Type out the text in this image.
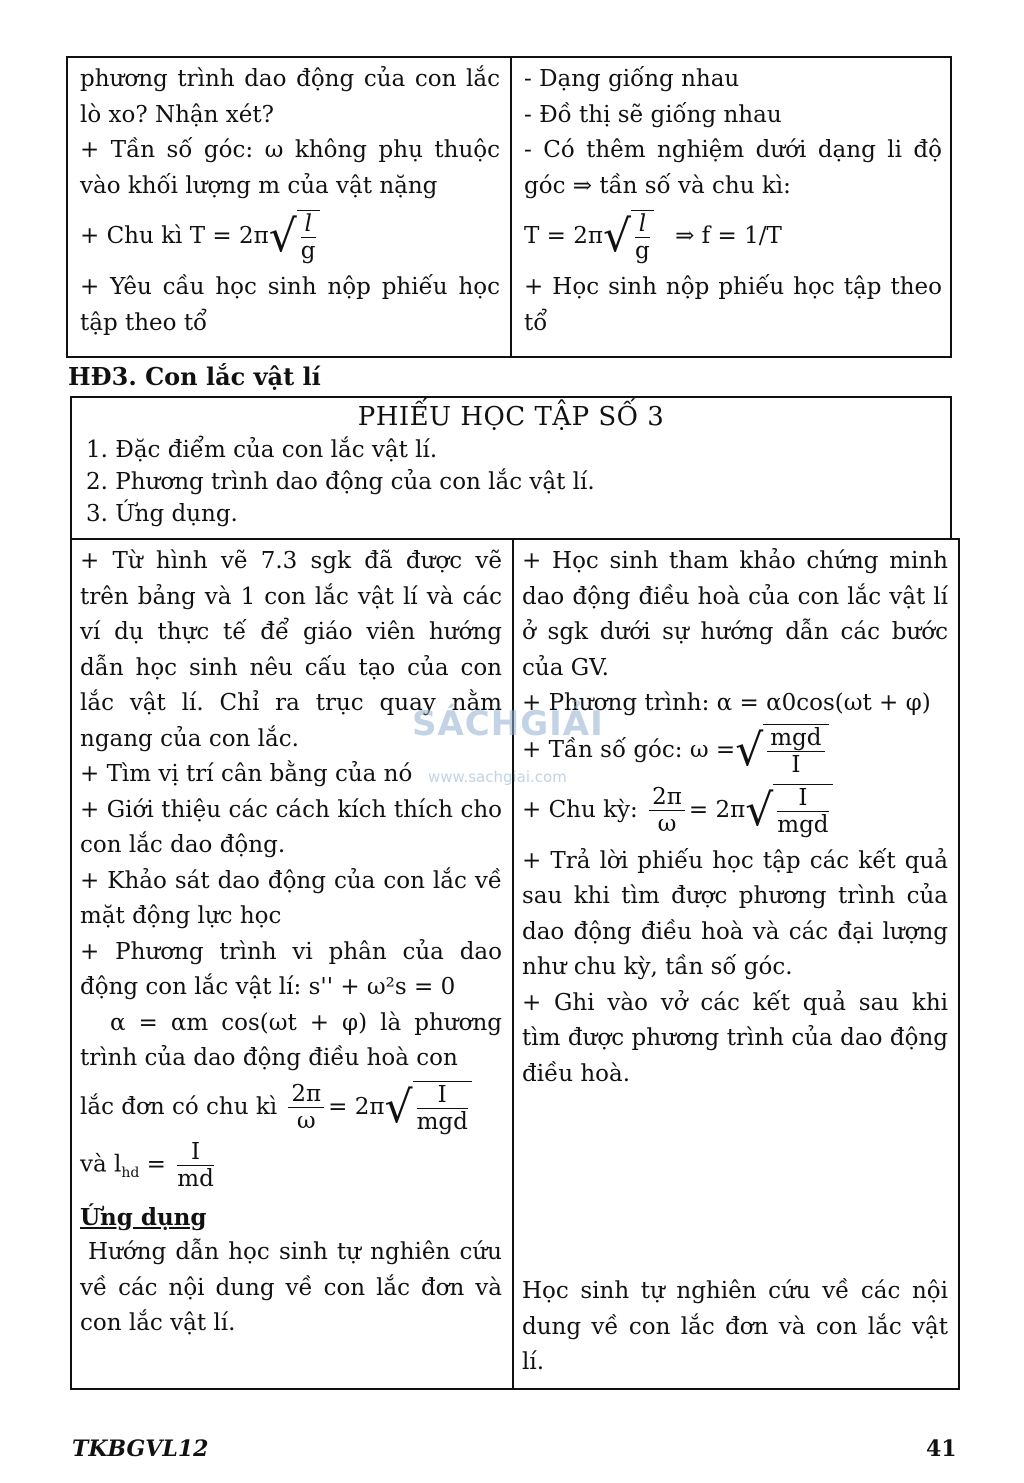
phương trình dao động của con lắc lò xo? Nhận xét?

+ Tần số góc: ω không phụ thuộc vào khối lượng m của vật nặng

+ Chu kì $T = 2\pi√ \frac{l}{g}$

+ Yêu cầu học sinh nộp phiếu học tập theo tổ

- Dạng giống nhau

- Đồ thị sẽ giống nhau

- Có thêm nghiệm dưới dạng li độ góc ⇒ tần số và chu kì:

$T = 2\pi√ \frac{l}{g}$ ⇒ f = 1/T

+ Học sinh nộp phiếu học tập theo tổ

HĐ3. Con lắc vật lí
PHIẾU HỌC TẬP SỐ 3

1. Đặc điểm của con lắc vật lí.

2. Phương trình dao động của con lắc vật lí.

3. Ứng dụng.

+ Từ hình vẽ 7.3 sgk đã được vẽ trên bảng và 1 con lắc vật lí và các ví dụ thực tế để giáo viên hướng dẫn học sinh nêu cấu tạo của con lắc vật lí. Chỉ ra trục quay nằm ngang của con lắc.

+ Tìm vị trí cân bằng của nó

+ Giới thiệu các cách kích thích cho con lắc dao động.

+ Khảo sát dao động của con lắc về mặt động lực học

+ Phương trình vi phân của dao động con lắc vật lí: s'' + ω²s = 0

α = αm cos(ωt + φ) là phương trình của dao động điều hoà con

lắc đơn có chu kì $\frac{2\pi}{\omega} = 2\pi√$	I
mgd

và $l_{hd} = \frac{I}{md}$

Ứng dụng

Hướng dẫn học sinh tự nghiên cứu về các nội dung về con lắc đơn và con lắc vật lí.

+ Học sinh tham khảo chứng minh dao động điều hoà của con lắc vật lí ở sgk dưới sự hướng dẫn các bước của GV.

+ Phương trình: α = α0cos(ωt + φ)

+ Tần số góc: ω =√ mgd
I

+ Chu kỳ: $\frac{2\pi}{\omega} = 2\pi√$	I
mgd

+ Trả lời phiếu học tập các kết quả sau khi tìm được phương trình của dao động điều hoà và các đại lượng như chu kỳ, tần số góc.

+ Ghi vào vở các kết quả sau khi tìm được phương trình của dao động điều hoà.

Học sinh tự nghiên cứu về các nội dung về con lắc đơn và con lắc vật lí.

SÁCHGIẢI
www.sachgiai.com
TKBGVL12	41
